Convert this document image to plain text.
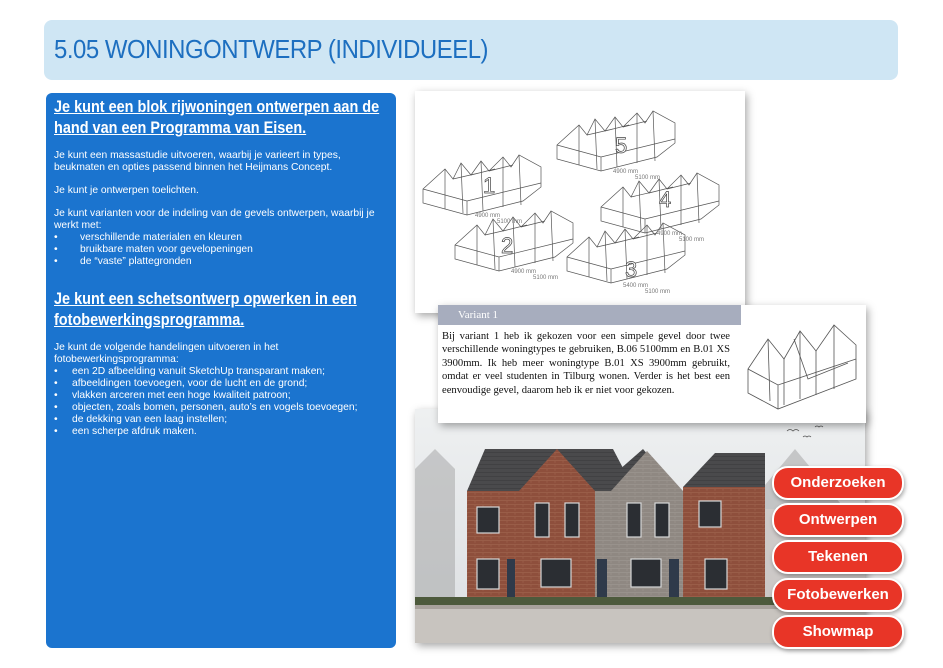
5.05 WONINGONTWERP (INDIVIDUEEL)
Je kunt een blok rijwoningen ontwerpen aan de hand van een Programma van Eisen.

Je kunt een massastudie uitvoeren, waarbij je varieert in types, beukmaten en opties passend binnen het Heijmans Concept.

Je kunt je ontwerpen toelichten.

Je kunt varianten voor de indeling van de gevels ontwerpen, waarbij je werkt met:

• verschillende materialen en kleuren
• bruikbare maten voor gevelopeningen
• de “vaste” plattegronden
Je kunt een schetsontwerp opwerken in een fotobewerkingsprogramma.

Je kunt de volgende handelingen uitvoeren in het fotobewerkingsprogramma:

• een 2D afbeelding vanuit SketchUp transparant maken;
• afbeeldingen toevoegen, voor de lucht en de grond;
• vlakken arceren met een hoge kwaliteit patroon;
• objecten, zoals bomen, personen, auto’s en vogels toevoegen;
• de dekking van een laag instellen;
• een scherpe afdruk maken.
4900 mm
5100 mm
4900 mm
5100 mm
5400 mm
5100 mm
4900 mm
5100 mm
4900 mm
5100 mm
1
2
3
4
5
Variant 1

Bij variant 1 heb ik gekozen voor een simpele gevel door twee verschillende woningtypes te gebruiken, B.06 5100mm en B.01 XS 3900mm. Ik heb meer woningtype B.01 XS 3900mm gebruikt, omdat er veel studenten in Tilburg wonen. Verder is het best een eenvoudige gevel, daarom heb ik er niet voor gekozen.

Onderzoeken
Ontwerpen
Tekenen
Fotobewerken
Showmap
